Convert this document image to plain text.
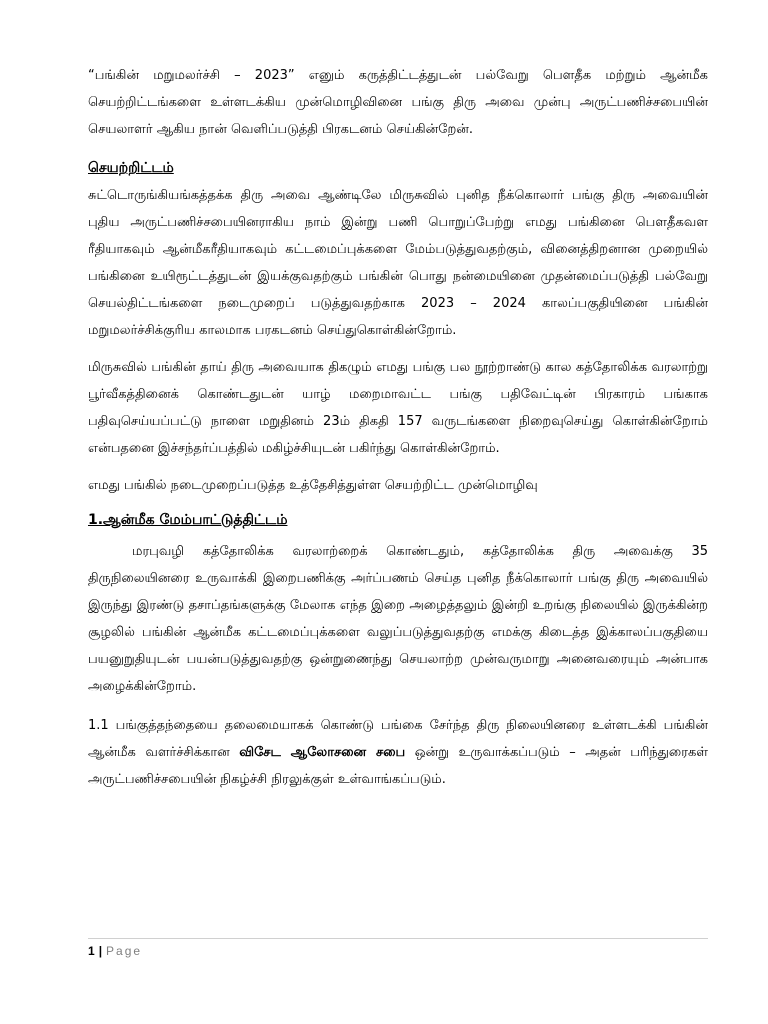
“பங்கின் மறுமலர்ச்சி – 2023” எனும் கருத்திட்டத்துடன் பல்வேறு பௌதீக மற்றும் ஆன்மீக செயற்றிட்டங்களை உள்ளடக்கிய முன்மொழிவினை பங்கு திரு அவை முன்பு அருட்பணிச்சபையின் செயலாளர் ஆகிய நான் வெளிப்படுத்தி பிரகடனம் செய்கின்றேன்.

செயற்றிட்டம்

சுட்டொருங்கியங்கத்தக்க திரு அவை ஆண்டிலே மிருசுவில் புனித நீக்கொலார் பங்கு திரு அவையின் புதிய அருட்பணிச்சபையினராகிய நாம் இன்று பணி பொறுப்பேற்று எமது பங்கினை பௌதீகவள ரீதியாகவும் ஆன்மீகரீதியாகவும் கட்டமைப்புக்களை மேம்படுத்துவதற்கும், வினைத்திறனான முறையில் பங்கினை உயிரூட்டத்துடன் இயக்குவதற்கும் பங்கின் பொது நன்மையினை முதன்மைப்படுத்தி பல்வேறு செயல்திட்டங்களை நடைமுறைப் படுத்துவதற்காக 2023 – 2024 காலப்பகுதியினை பங்கின் மறுமலர்ச்சிக்குரிய காலமாக பரகடனம் செய்துகொள்கின்றோம்.

மிருசுவில் பங்கின் தாய் திரு அவையாக திகழும் எமது பங்கு பல நூற்றாண்டு கால கத்தோலிக்க வரலாற்று பூர்வீகத்தினைக் கொண்டதுடன் யாழ் மறைமாவட்ட பங்கு பதிவேட்டின் பிரகாரம் பங்காக பதிவுசெய்யப்பட்டு நாளை மறுதினம் 23ம் திகதி 157 வருடங்களை நிறைவுசெய்து கொள்கின்றோம் என்பதனை இச்சந்தர்ப்பத்தில் மகிழ்ச்சியுடன் பகிர்ந்து கொள்கின்றோம்.

எமது பங்கில் நடைமுறைப்படுத்த உத்தேசித்துள்ள செயற்றிட்ட முன்மொழிவு

1.ஆன்மீக மேம்பாட்டுத்திட்டம்

மரபுவழி கத்தோலிக்க வரலாற்றைக் கொண்டதும், கத்தோலிக்க திரு அவைக்கு 35 திருநிலையினரை உருவாக்கி இறைபணிக்கு அர்ப்பணம் செய்த புனித நீக்கொலார் பங்கு திரு அவையில் இருந்து இரண்டு தசாப்தங்களுக்கு மேலாக எந்த இறை அழைத்தலும் இன்றி உறங்கு நிலையில் இருக்கின்ற சூழலில் பங்கின் ஆன்மீக கட்டமைப்புக்களை வலுப்படுத்துவதற்கு எமக்கு கிடைத்த இக்காலப்பகுதியை பயனுறுதியுடன் பயன்படுத்துவதற்கு ஒன்றுணைந்து செயலாற்ற முன்வருமாறு அனைவரையும் அன்பாக அழைக்கின்றோம்.

1.1 பங்குத்தந்தையை தலைமையாகக் கொண்டு பங்கை சேர்ந்த திரு நிலையினரை உள்ளடக்கி பங்கின் ஆன்மீக வளர்ச்சிக்கான விசேட ஆலோசனை சபை ஒன்று உருவாக்கப்படும் – அதன் பரிந்துரைகள் அருட்பணிச்சபையின் நிகழ்ச்சி நிரலுக்குள் உள்வாங்கப்படும்.

1 | Page
